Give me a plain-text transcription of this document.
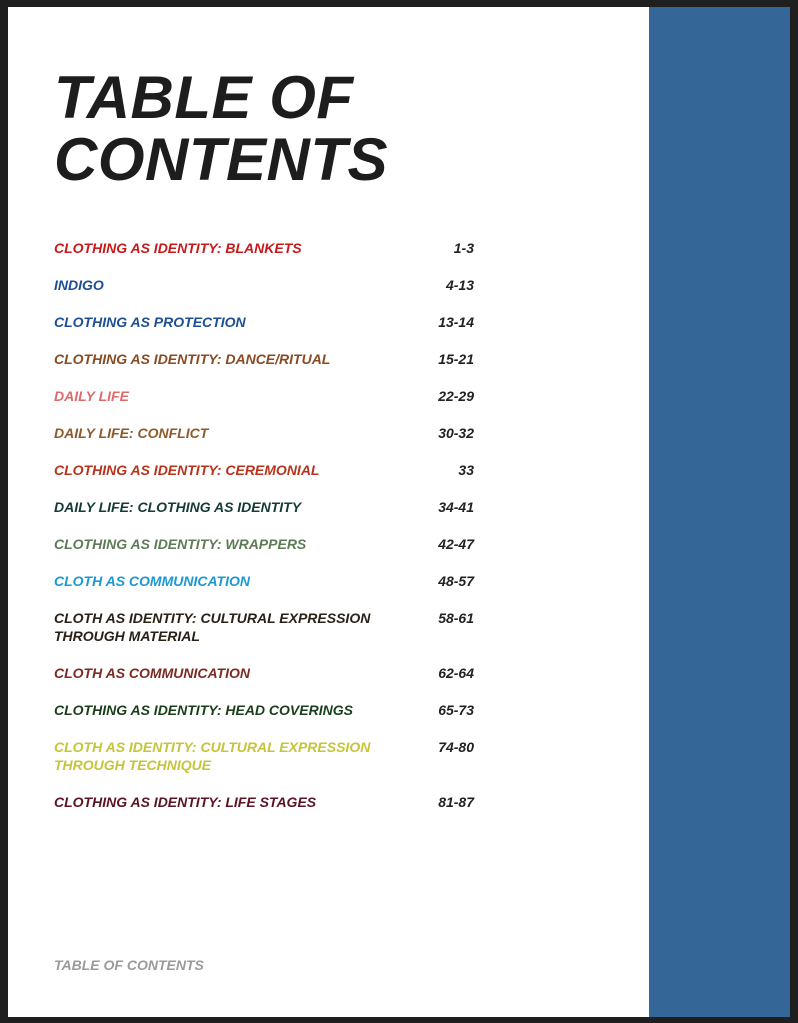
TABLE OF
CONTENTS
CLOTHING AS IDENTITY: BLANKETS	1-3
INDIGO	4-13
CLOTHING AS PROTECTION	13-14
CLOTHING AS IDENTITY: DANCE/RITUAL	15-21
DAILY LIFE	22-29
DAILY LIFE: CONFLICT	30-32
CLOTHING AS IDENTITY: CEREMONIAL	33
DAILY LIFE: CLOTHING AS IDENTITY	34-41
CLOTHING AS IDENTITY: WRAPPERS	42-47
CLOTH AS COMMUNICATION	48-57
CLOTH AS IDENTITY: CULTURAL EXPRESSION THROUGH MATERIAL
58-61
CLOTH AS COMMUNICATION	62-64
CLOTHING AS IDENTITY: HEAD COVERINGS	65-73
CLOTH AS IDENTITY: CULTURAL EXPRESSION THROUGH TECHNIQUE
74-80
CLOTHING AS IDENTITY: LIFE STAGES	81-87
TABLE OF CONTENTS
